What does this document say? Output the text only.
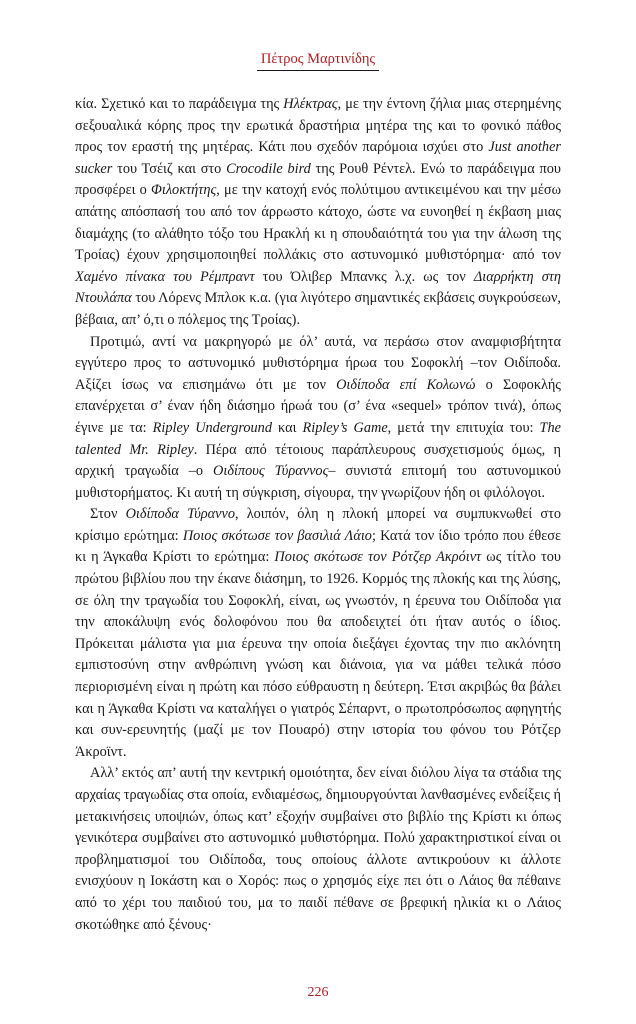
Πέτρος Μαρτινίδης

κία. Σχετικό και το παράδειγμα της Ηλέκτρας, με την έντονη ζήλια μιας στερημένης σεξουαλικά κόρης προς την ερωτικά δραστήρια μητέρα της και το φονικό πάθος προς τον εραστή της μητέρας. Κάτι που σχεδόν παρόμοια ισχύει στο Just another sucker του Τσέιζ και στο Crocodile bird της Ρουθ Ρέντελ. Ενώ το παράδειγμα που προσφέρει ο Φιλοκτήτης, με την κατοχή ενός πολύτιμου αντικειμένου και την μέσω απάτης απόσπασή του από τον άρρωστο κάτοχο, ώστε να ευνοηθεί η έκβαση μιας διαμάχης (το αλάθητο τόξο του Ηρακλή κι η σπουδαιότητά του για την άλωση της Τροίας) έχουν χρησιμοποιηθεί πολλάκις στο αστυνομικό μυθιστόρημα· από τον Χαμένο πίνακα του Ρέμπραντ του Όλιβερ Μπανκς λ.χ. ως τον Διαρρήκτη στη Ντουλάπα του Λόρενς Μπλοκ κ.α. (για λιγότερο σημαντικές εκβάσεις συγκρούσεων, βέβαια, απ’ ό,τι ο πόλεμος της Τροίας).

Προτιμώ, αντί να μακρηγορώ με όλ’ αυτά, να περάσω στον αναμφισβήτητα εγγύτερο προς το αστυνομικό μυθιστόρημα ήρωα του Σοφοκλή –τον Οιδίποδα. Αξίζει ίσως να επισημάνω ότι με τον Οιδίποδα επί Κολωνώ ο Σοφοκλής επανέρχεται σ’ έναν ήδη διάσημο ήρωά του (σ’ ένα «sequel» τρόπον τινά), όπως έγινε με τα: Ripley Underground και Ripley’s Game, μετά την επιτυχία του: The talented Mr. Ripley. Πέρα από τέτοιους παράπλευρους συσχετισμούς όμως, η αρχική τραγωδία –ο Οιδίπους Τύραννος– συνιστά επιτομή του αστυνομικού μυθιστορήματος. Κι αυτή τη σύγκριση, σίγουρα, την γνωρίζουν ήδη οι φιλόλογοι.

Στον Οιδίποδα Τύραννο, λοιπόν, όλη η πλοκή μπορεί να συμπυκνωθεί στο κρίσιμο ερώτημα: Ποιος σκότωσε τον βασιλιά Λάιο; Κατά τον ίδιο τρόπο που έθεσε κι η Άγκαθα Κρίστι το ερώτημα: Ποιος σκότωσε τον Ρότζερ Ακρόιντ ως τίτλο του πρώτου βιβλίου που την έκανε διάσημη, το 1926. Κορμός της πλοκής και της λύσης, σε όλη την τραγωδία του Σοφοκλή, είναι, ως γνωστόν, η έρευνα του Οιδίποδα για την αποκάλυψη ενός δολοφόνου που θα αποδειχτεί ότι ήταν αυτός ο ίδιος. Πρόκειται μάλιστα για μια έρευνα την οποία διεξάγει έχοντας την πιο ακλόνητη εμπιστοσύνη στην ανθρώπινη γνώση και διάνοια, για να μάθει τελικά πόσο περιορισμένη είναι η πρώτη και πόσο εύθραυστη η δεύτερη. Έτσι ακριβώς θα βάλει και η Άγκαθα Κρίστι να καταλήγει ο γιατρός Σέπαρντ, ο πρωτοπρόσωπος αφηγητής και συν-ερευνητής (μαζί με τον Πουαρό) στην ιστορία του φόνου του Ρότζερ Άκροϊντ.

Αλλ’ εκτός απ’ αυτή την κεντρική ομοιότητα, δεν είναι διόλου λίγα τα στάδια της αρχαίας τραγωδίας στα οποία, ενδιαμέσως, δημιουργούνται λανθασμένες ενδείξεις ή μετακινήσεις υποψιών, όπως κατ’ εξοχήν συμβαίνει στο βιβλίο της Κρίστι κι όπως γενικότερα συμβαίνει στο αστυνομικό μυθιστόρημα. Πολύ χαρακτηριστικοί είναι οι προβληματισμοί του Οιδίποδα, τους οποίους άλλοτε αντικρούουν κι άλλοτε ενισχύουν η Ιοκάστη και ο Χορός: πως ο χρησμός είχε πει ότι ο Λάιος θα πέθαινε από το χέρι του παιδιού του, μα το παιδί πέθανε σε βρεφική ηλικία κι ο Λάιος σκοτώθηκε από ξένους·

226
